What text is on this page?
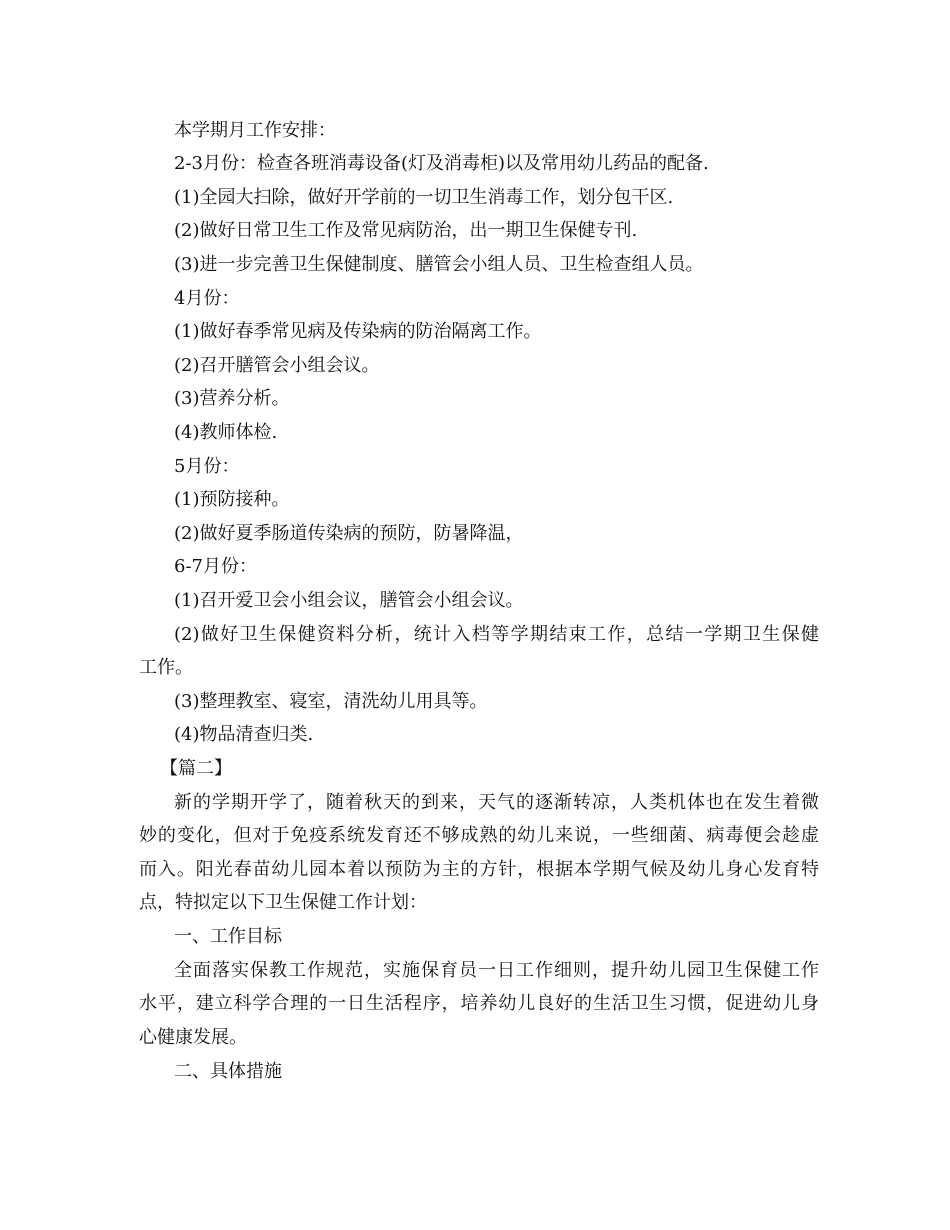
本学期月工作安排：
2-3月份：检查各班消毒设备(灯及消毒柜)以及常用幼儿药品的配备.
(1)全园大扫除，做好开学前的一切卫生消毒工作，划分包干区.
(2)做好日常卫生工作及常见病防治，出一期卫生保健专刊.
(3)进一步完善卫生保健制度、膳管会小组人员、卫生检查组人员。
4月份：
(1)做好春季常见病及传染病的防治隔离工作。
(2)召开膳管会小组会议。
(3)营养分析。
(4)教师体检.
5月份：
(1)预防接种。
(2)做好夏季肠道传染病的预防，防暑降温，
6-7月份：
(1)召开爱卫会小组会议，膳管会小组会议。
(2)做好卫生保健资料分析，统计入档等学期结束工作，总结一学期卫生保健
工作。
(3)整理教室、寝室，清洗幼儿用具等。
(4)物品清查归类.
【篇二】
新的学期开学了，随着秋天的到来，天气的逐渐转凉，人类机体也在发生着微
妙的变化，但对于免疫系统发育还不够成熟的幼儿来说，一些细菌、病毒便会趁虚
而入。阳光春苗幼儿园本着以预防为主的方针，根据本学期气候及幼儿身心发育特
点，特拟定以下卫生保健工作计划：
一、工作目标
全面落实保教工作规范，实施保育员一日工作细则，提升幼儿园卫生保健工作
水平，建立科学合理的一日生活程序，培养幼儿良好的生活卫生习惯，促进幼儿身
心健康发展。
二、具体措施
